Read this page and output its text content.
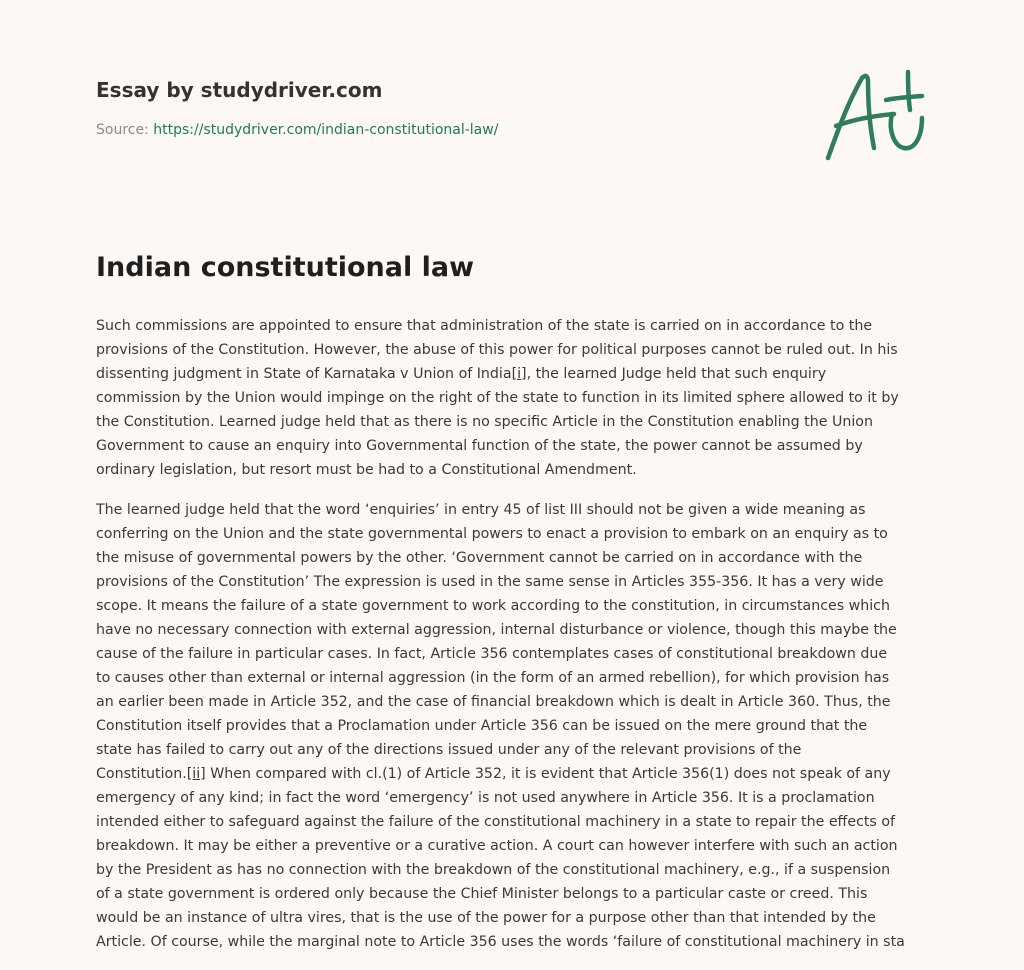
Essay by studydriver.com
Source: https://studydriver.com/indian-constitutional-law/
Indian constitutional law

Such commissions are appointed to ensure that administration of the state is carried on in accordance to the
provisions of the Constitution. However, the abuse of this power for political purposes cannot be ruled out. In his
dissenting judgment in State of Karnataka v Union of India[i], the learned Judge held that such enquiry
commission by the Union would impinge on the right of the state to function in its limited sphere allowed to it by
the Constitution. Learned judge held that as there is no specific Article in the Constitution enabling the Union
Government to cause an enquiry into Governmental function of the state, the power cannot be assumed by
ordinary legislation, but resort must be had to a Constitutional Amendment.

The learned judge held that the word ‘enquiries’ in entry 45 of list III should not be given a wide meaning as
conferring on the Union and the state governmental powers to enact a provision to embark on an enquiry as to
the misuse of governmental powers by the other. ‘Government cannot be carried on in accordance with the
provisions of the Constitution’ The expression is used in the same sense in Articles 355-356. It has a very wide
scope. It means the failure of a state government to work according to the constitution, in circumstances which
have no necessary connection with external aggression, internal disturbance or violence, though this maybe the
cause of the failure in particular cases. In fact, Article 356 contemplates cases of constitutional breakdown due
to causes other than external or internal aggression (in the form of an armed rebellion), for which provision has
an earlier been made in Article 352, and the case of financial breakdown which is dealt in Article 360. Thus, the
Constitution itself provides that a Proclamation under Article 356 can be issued on the mere ground that the
state has failed to carry out any of the directions issued under any of the relevant provisions of the
Constitution.[ii] When compared with cl.(1) of Article 352, it is evident that Article 356(1) does not speak of any
emergency of any kind; in fact the word ‘emergency’ is not used anywhere in Article 356. It is a proclamation
intended either to safeguard against the failure of the constitutional machinery in a state to repair the effects of
breakdown. It may be either a preventive or a curative action. A court can however interfere with such an action
by the President as has no connection with the breakdown of the constitutional machinery, e.g., if a suspension
of a state government is ordered only because the Chief Minister belongs to a particular caste or creed. This
would be an instance of ultra vires, that is the use of the power for a purpose other than that intended by the
Article. Of course, while the marginal note to Article 356 uses the words ‘failure of constitutional machinery in sta
